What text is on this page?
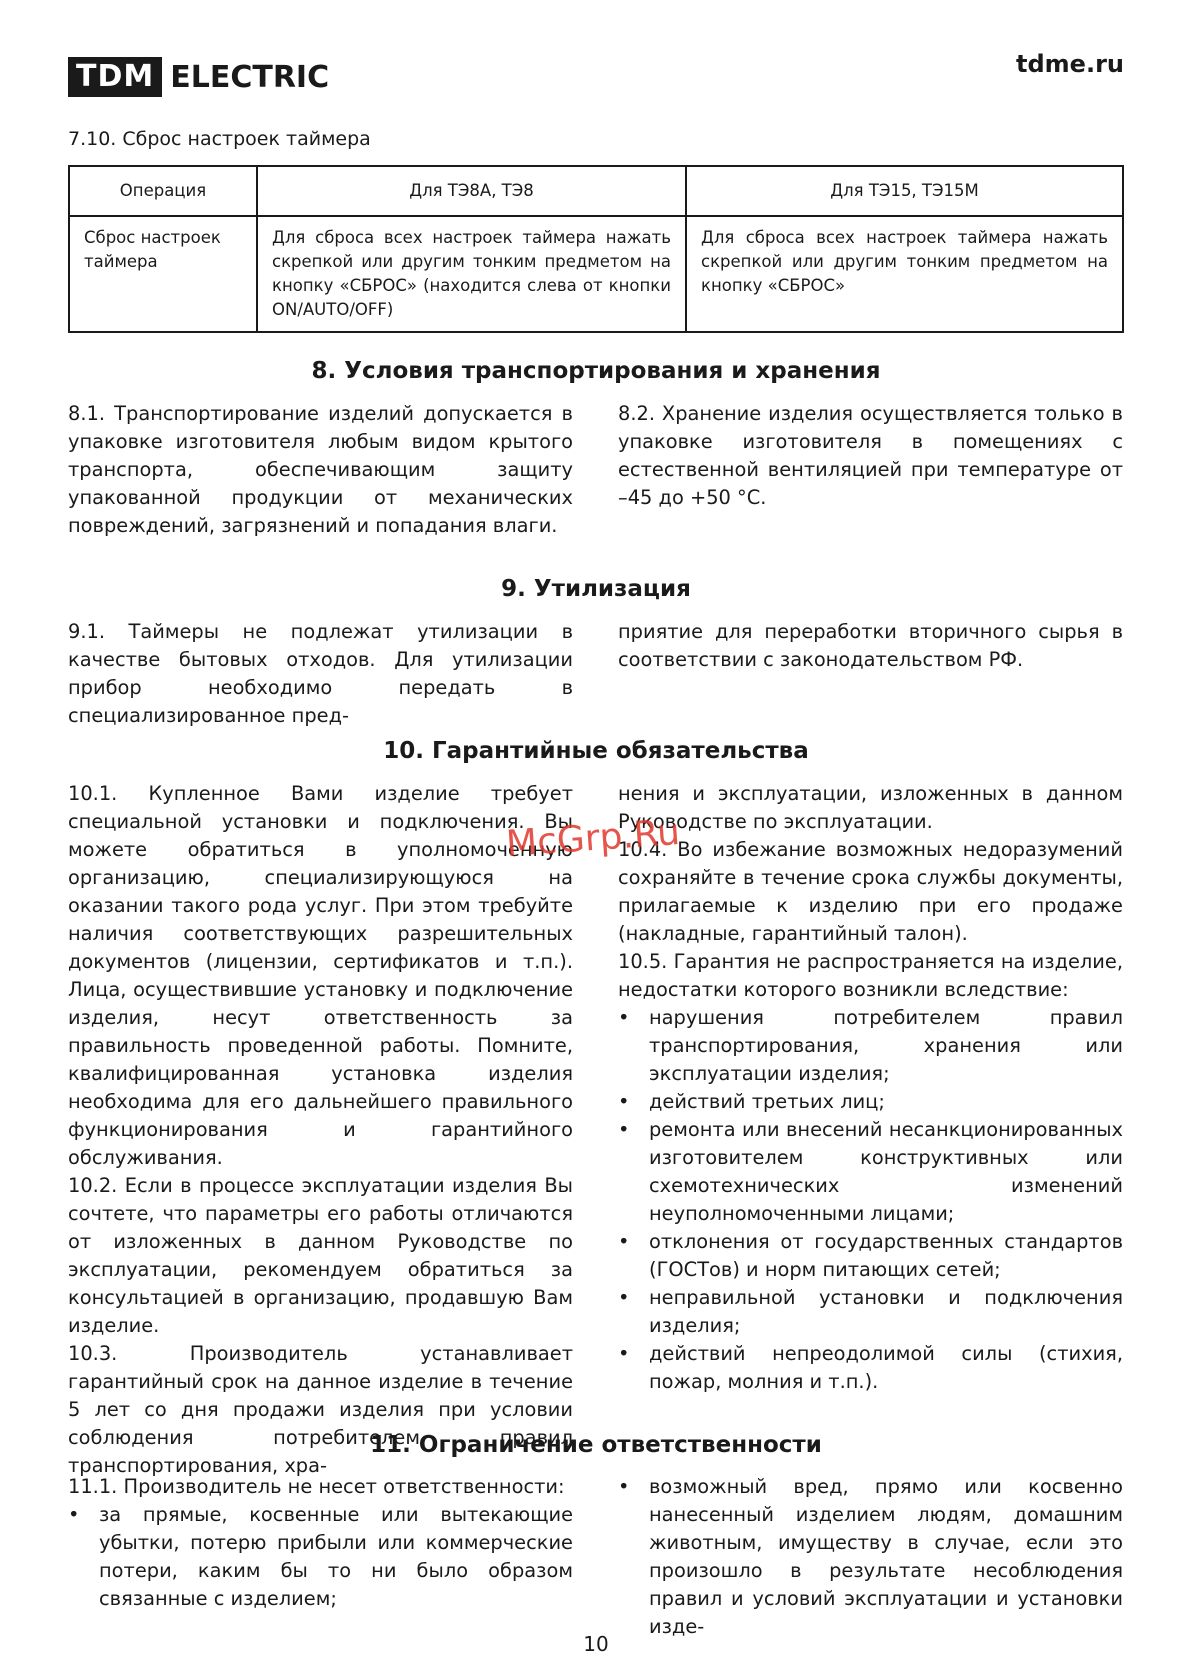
TDM ELECTRIC	tdme.ru
7.10. Сброс настроек таймера
Операция	Для ТЭ8А, ТЭ8	Для ТЭ15, ТЭ15М
Сброс настроек таймера	Для сброса всех настроек таймера нажать скрепкой или другим тонким предметом на кнопку «СБРОС» (находится слева от кнопки ON/AUTO/OFF)	Для сброса всех настроек таймера нажать скрепкой или другим тонким предметом на кнопку «СБРОС»
8. Условия транспортирования и хранения

8.1. Транспортирование изделий допускается в упаковке изготовителя любым видом крытого транспорта, обеспечивающим защиту упакованной продукции от механических повреждений, загрязнений и попадания влаги.

8.2. Хранение изделия осуществляется только в упаковке изготовителя в помещениях с естественной вентиляцией при температуре от –45 до +50 °С.

9. Утилизация

9.1. Таймеры не подлежат утилизации в качестве бытовых отходов. Для утилизации прибор необходимо передать в специализированное пред-

приятие для переработки вторичного сырья в соответствии с законодательством РФ.

10. Гарантийные обязательства

10.1. Купленное Вами изделие требует специальной установки и подключения. Вы можете обратиться в уполномоченную организацию, специализирующуюся на оказании такого рода услуг. При этом требуйте наличия соответствующих разрешительных документов (лицензии, сертификатов и т.п.). Лица, осуществившие установку и подключение изделия, несут ответственность за правильность проведенной работы. Помните, квалифицированная установка изделия необходима для его дальнейшего правильного функционирования и гарантийного обслуживания.

10.2. Если в процессе эксплуатации изделия Вы сочтете, что параметры его работы отличаются от изложенных в данном Руководстве по эксплуатации, рекомендуем обратиться за консультацией в организацию, продавшую Вам изделие.

10.3. Производитель устанавливает гарантийный срок на данное изделие в течение 5 лет со дня продажи изделия при условии соблюдения потребителем правил транспортирования, хра-

нения и эксплуатации, изложенных в данном Руководстве по эксплуатации.

10.4. Во избежание возможных недоразумений сохраняйте в течение срока службы документы, прилагаемые к изделию при его продаже (накладные, гарантийный талон).

10.5. Гарантия не распространяется на изделие, недостатки которого возникли вследствие:

• нарушения потребителем правил транспортирования, хранения или эксплуатации изделия;
• действий третьих лиц;
• ремонта или внесений несанкционированных изготовителем конструктивных или схемотехнических изменений неуполномоченными лицами;
• отклонения от государственных стандартов (ГОСТов) и норм питающих сетей;
• неправильной установки и подключения изделия;
• действий непреодолимой силы (стихия, пожар, молния и т.п.).
11. Ограничение ответственности

11.1. Производитель не несет ответственности:

• за прямые, косвенные или вытекающие убытки, потерю прибыли или коммерческие потери, каким бы то ни было образом связанные с изделием;
• возможный вред, прямо или косвенно нанесенный изделием людям, домашним животным, имуществу в случае, если это произошло в результате несоблюдения правил и условий эксплуатации и установки изде-
McGrp.Ru
10
